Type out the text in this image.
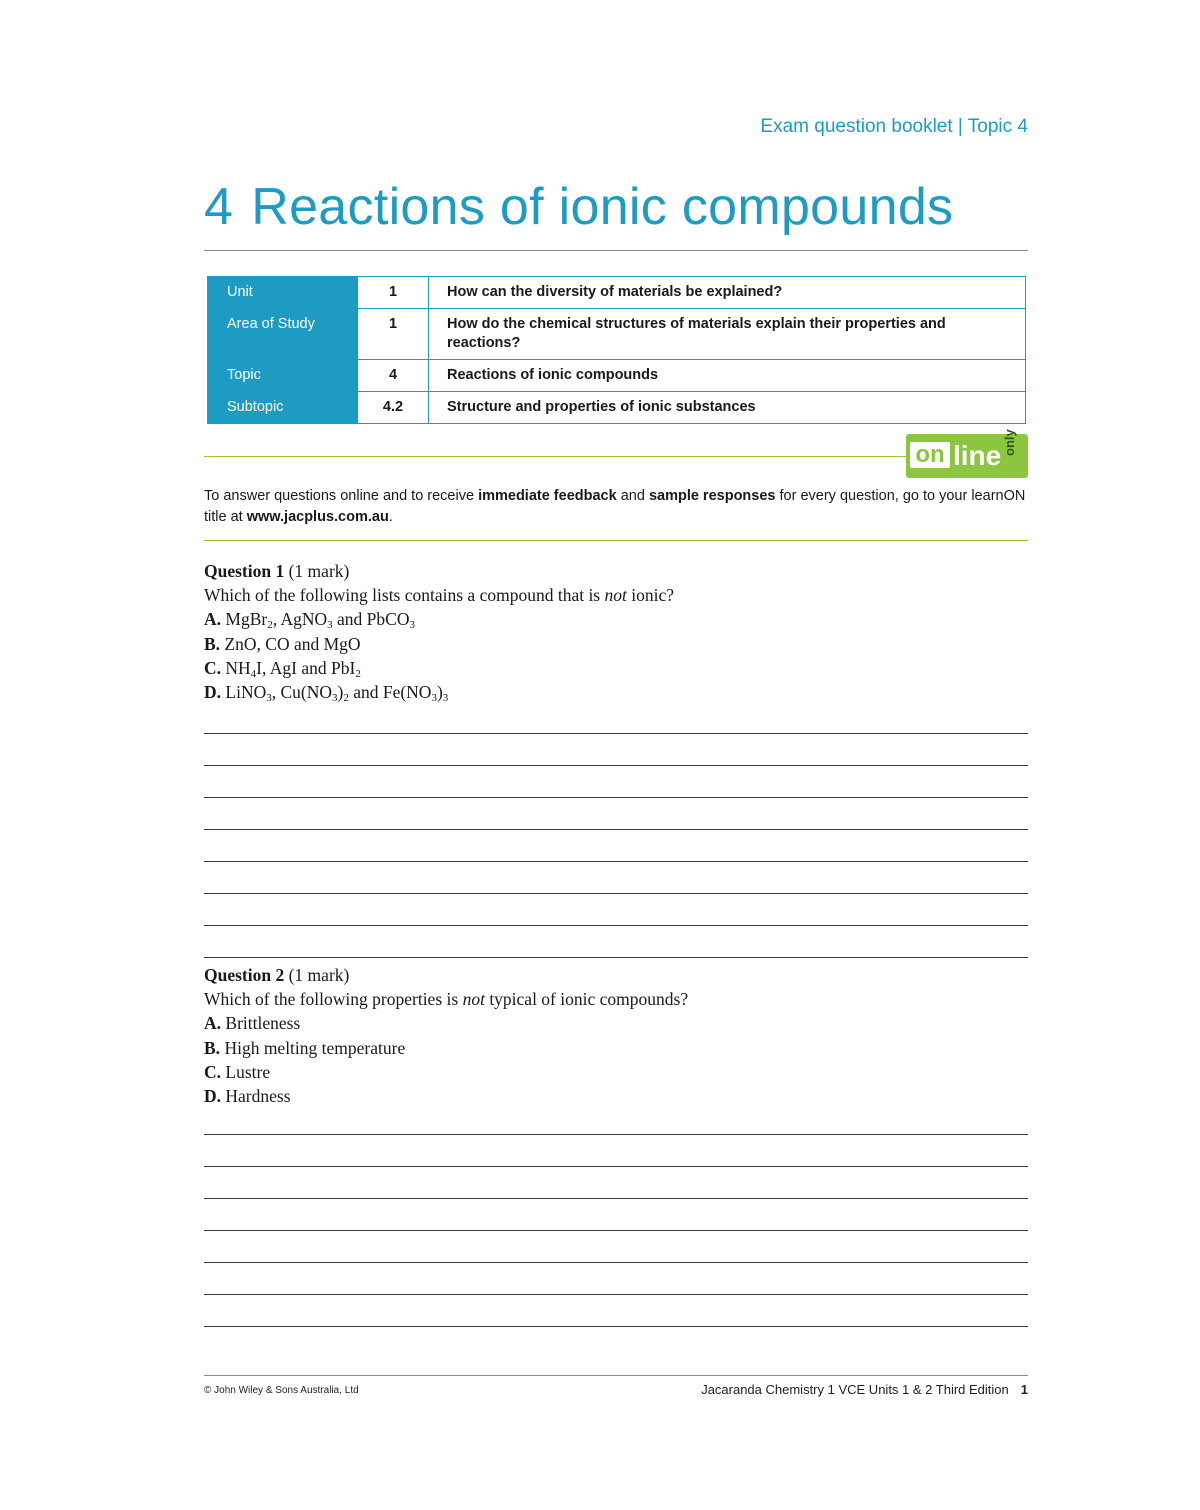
Exam question booklet | Topic 4
4 Reactions of ionic compounds
Unit	1	How can the diversity of materials be explained?
Area of Study	1	How do the chemical structures of materials explain their properties and reactions?
Topic	4	Reactions of ionic compounds
Subtopic	4.2	Structure and properties of ionic substances
on line only
To answer questions online and to receive immediate feedback and sample responses for every question, go to your learnON title at www.jacplus.com.au.
Question 1 (1 mark)
Which of the following lists contains a compound that is not ionic?
A. MgBr$_2$, AgNO$_3$ and PbCO$_3$
B. ZnO, CO and MgO
C. $NH_4I$, AgI and PbI$_2$
D. LiNO$_3$, $Cu(NO_3)_2$ and $Fe(NO_3)_3$
Question 2 (1 mark)
Which of the following properties is not typical of ionic compounds?
A. Brittleness
B. High melting temperature
C. Lustre
D. Hardness
© John Wiley & Sons Australia, Ltd	Jacaranda Chemistry 1 VCE Units 1 & 2 Third Edition 1
